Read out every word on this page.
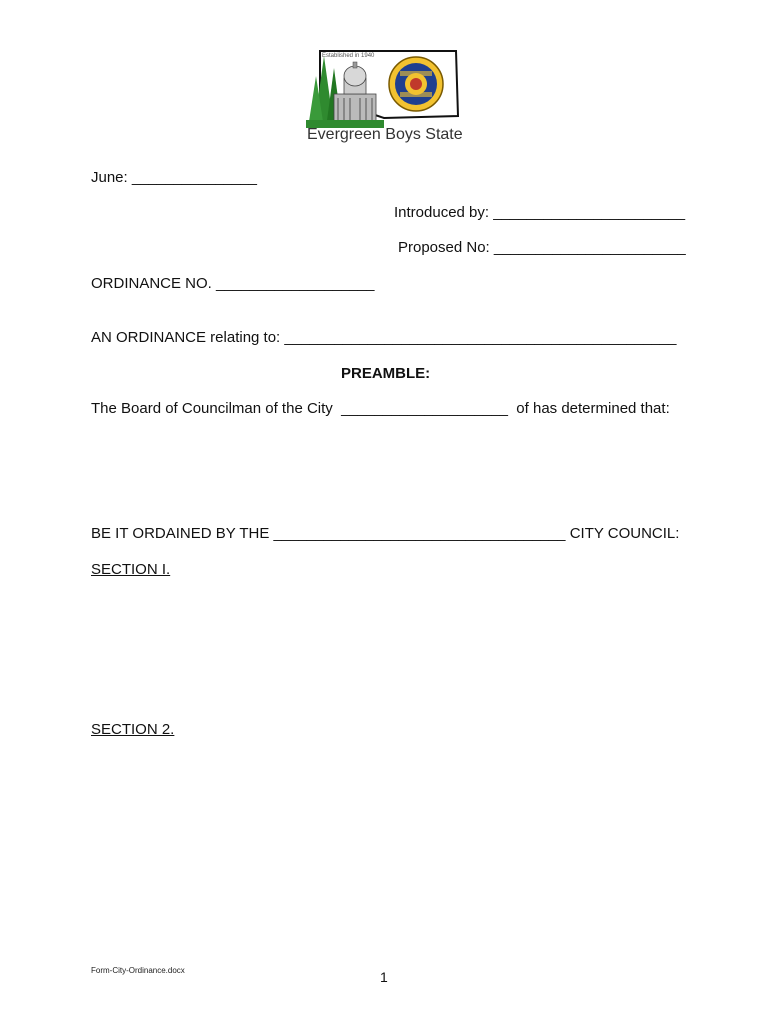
Established in 1940
Evergreen Boys State
June: _______________
Introduced by: _______________________
Proposed No: _______________________
ORDINANCE NO. ___________________
AN ORDINANCE relating to: _______________________________________________
PREAMBLE:
The Board of Councilman of the City  ____________________  of has determined that:
BE IT ORDAINED BY THE ___________________________________ CITY COUNCIL:
SECTION I.
SECTION 2.
Form-City-Ordinance.docx	1
